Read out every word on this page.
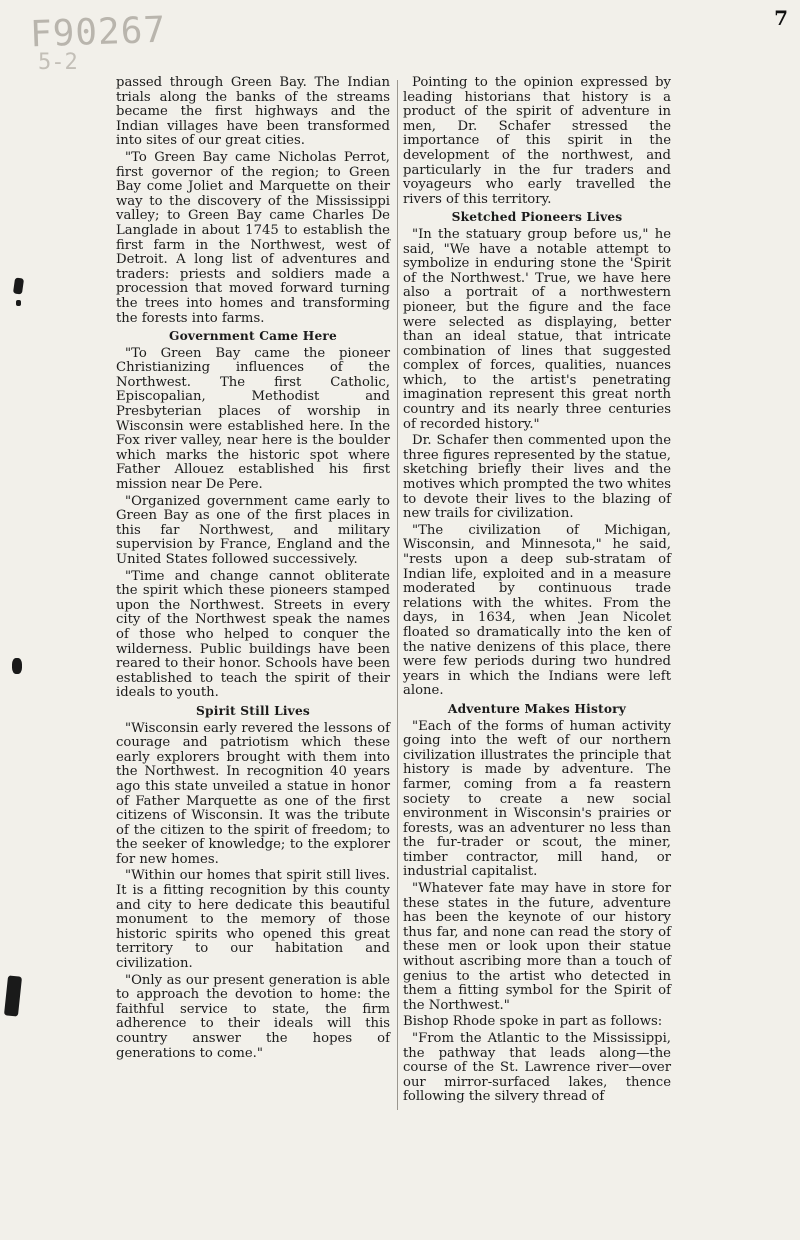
F90267
5-2
7

passed through Green Bay. The Indian trials along the banks of the streams became the first highways and the Indian villages have been transformed into sites of our great cities.

"To Green Bay came Nicholas Perrot, first governor of the region; to Green Bay come Joliet and Marquette on their way to the discovery of the Mississippi valley; to Green Bay came Charles De Langlade in about 1745 to establish the first farm in the Northwest, west of Detroit. A long list of adventures and traders: priests and soldiers made a procession that moved forward turning the trees into homes and transforming the forests into farms.

Government Came Here

"To Green Bay came the pioneer Christianizing influences of the Northwest. The first Catholic, Episcopalian, Methodist and Presbyterian places of worship in Wisconsin were established here. In the Fox river valley, near here is the boulder which marks the historic spot where Father Allouez established his first mission near De Pere.

"Organized government came early to Green Bay as one of the first places in this far Northwest, and military supervision by France, England and the United States followed successively.

"Time and change cannot obliterate the spirit which these pioneers stamped upon the Northwest. Streets in every city of the Northwest speak the names of those who helped to conquer the wilderness. Public buildings have been reared to their honor. Schools have been established to teach the spirit of their ideals to youth.

Spirit Still Lives

"Wisconsin early revered the lessons of courage and patriotism which these early explorers brought with them into the Northwest. In recognition 40 years ago this state unveiled a statue in honor of Father Marquette as one of the first citizens of Wisconsin. It was the tribute of the citizen to the spirit of freedom; to the seeker of knowledge; to the explorer for new homes.

"Within our homes that spirit still lives. It is a fitting recognition by this county and city to here dedicate this beautiful monument to the memory of those historic spirits who opened this great territory to our habitation and civilization.

"Only as our present generation is able to approach the devotion to home: the faithful service to state, the firm adherence to their ideals will this country answer the hopes of generations to come."

Pointing to the opinion expressed by leading historians that history is a product of the spirit of adventure in men, Dr. Schafer stressed the importance of this spirit in the development of the northwest, and particularly in the fur traders and voyageurs who early travelled the rivers of this territory.

Sketched Pioneers Lives

"In the statuary group before us," he said, "We have a notable attempt to symbolize in enduring stone the 'Spirit of the Northwest.' True, we have here also a portrait of a northwestern pioneer, but the figure and the face were selected as displaying, better than an ideal statue, that intricate combination of lines that suggested complex of forces, qualities, nuances which, to the artist's penetrating imagination represent this great north country and its nearly three centuries of recorded history."

Dr. Schafer then commented upon the three figures represented by the statue, sketching briefly their lives and the motives which prompted the two whites to devote their lives to the blazing of new trails for civilization.

"The civilization of Michigan, Wisconsin, and Minnesota," he said, "rests upon a deep sub-stratam of Indian life, exploited and in a measure moderated by continuous trade relations with the whites. From the days, in 1634, when Jean Nicolet floated so dramatically into the ken of the native denizens of this place, there were few periods during two hundred years in which the Indians were left alone.

Adventure Makes History

"Each of the forms of human activity going into the weft of our northern civilization illustrates the principle that history is made by adventure. The farmer, coming from a fa reastern society to create a new social environment in Wisconsin's prairies or forests, was an adventurer no less than the fur-trader or scout, the miner, timber contractor, mill hand, or industrial capitalist.

"Whatever fate may have in store for these states in the future, adventure has been the keynote of our history thus far, and none can read the story of these men or look upon their statue without ascribing more than a touch of genius to the artist who detected in them a fitting symbol for the Spirit of the Northwest."

Bishop Rhode spoke in part as follows:

"From the Atlantic to the Mississippi, the pathway that leads along—the course of the St. Lawrence river—over our mirror-surfaced lakes, thence following the silvery thread of
